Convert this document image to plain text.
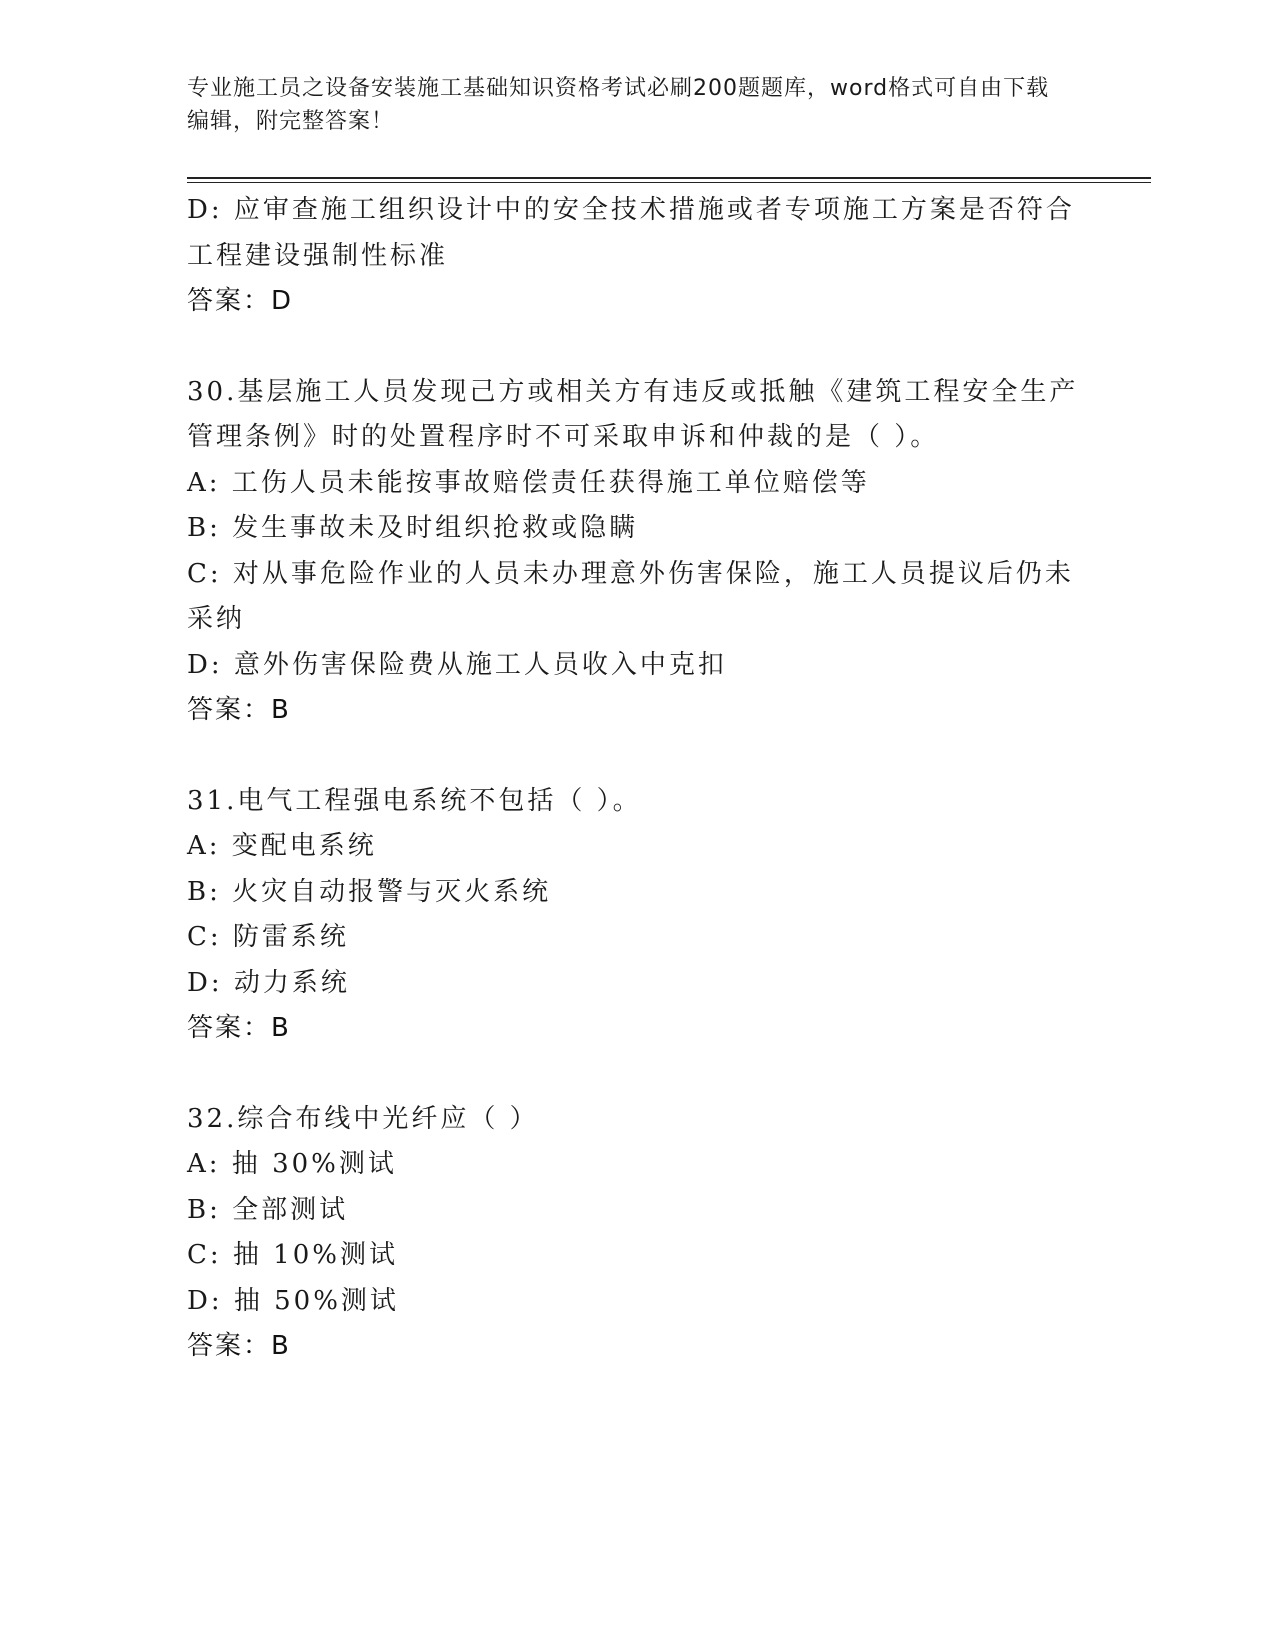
专业施工员之设备安装施工基础知识资格考试必刷200题题库，word格式可自由下载编辑，附完整答案！
D: 应审查施工组织设计中的安全技术措施或者专项施工方案是否符合
工程建设强制性标准
答案：D
30.基层施工人员发现己方或相关方有违反或抵触《建筑工程安全生产
管理条例》时的处置程序时不可采取申诉和仲裁的是（ ）。
A: 工伤人员未能按事故赔偿责任获得施工单位赔偿等
B: 发生事故未及时组织抢救或隐瞒
C: 对从事危险作业的人员未办理意外伤害保险，施工人员提议后仍未
采纳
D: 意外伤害保险费从施工人员收入中克扣
答案：B
31.电气工程强电系统不包括（ ）。
A: 变配电系统
B: 火灾自动报警与灭火系统
C: 防雷系统
D: 动力系统
答案：B
32.综合布线中光纤应（ ）
A: 抽 30%测试
B: 全部测试
C: 抽 10%测试
D: 抽 50%测试
答案：B
